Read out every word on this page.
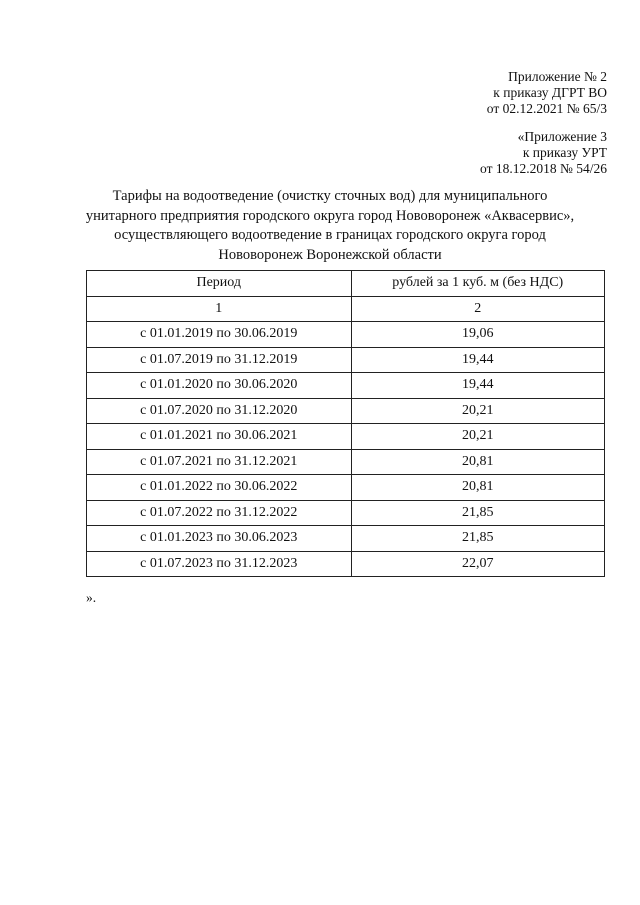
Приложение № 2
к приказу ДГРТ ВО
от 02.12.2021 № 65/3
«Приложение 3
к приказу УРТ
от 18.12.2018 № 54/26
Тарифы на водоотведение (очистку сточных вод) для муниципального
унитарного предприятия городского округа город Нововоронеж «Аквасервис»,
осуществляющего водоотведение в границах городского округа город
Нововоронеж Воронежской области
Период	рублей за 1 куб. м (без НДС)
1	2
с 01.01.2019 по 30.06.2019	19,06
с 01.07.2019 по 31.12.2019	19,44
с 01.01.2020 по 30.06.2020	19,44
с 01.07.2020 по 31.12.2020	20,21
с 01.01.2021 по 30.06.2021	20,21
с 01.07.2021 по 31.12.2021	20,81
с 01.01.2022 по 30.06.2022	20,81
с 01.07.2022 по 31.12.2022	21,85
с 01.01.2023 по 30.06.2023	21,85
с 01.07.2023 по 31.12.2023	22,07
».
